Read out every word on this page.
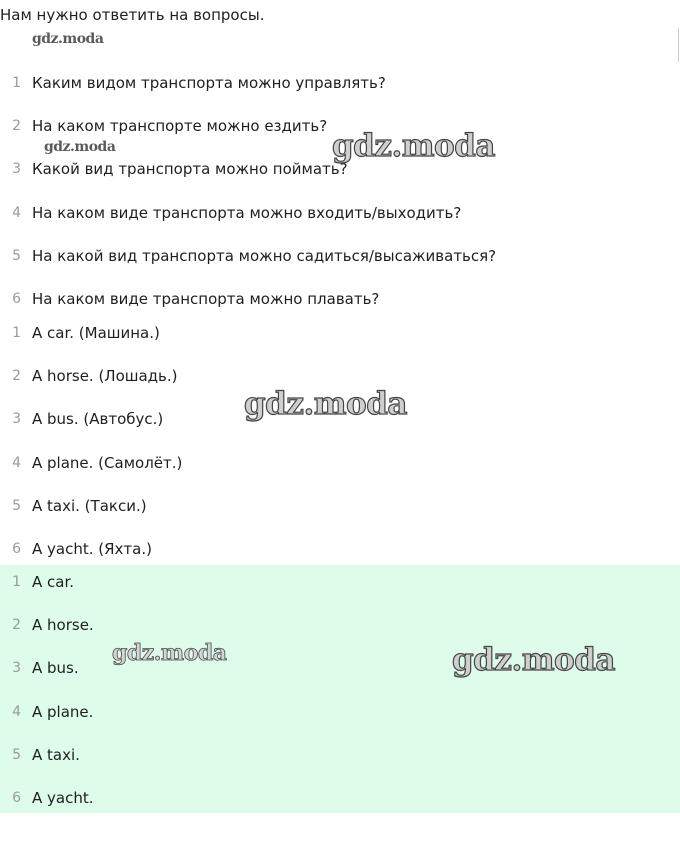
Нам нужно ответить на вопросы.
1 Каким видом транспорта можно управлять?
2 На каком транспорте можно ездить?
3 Какой вид транспорта можно поймать?
4 На каком виде транспорта можно входить/выходить?
5 На какой вид транспорта можно садиться/высаживаться?
6 На каком виде транспорта можно плавать?
1 A car. (Машина.)
2 A horse. (Лошадь.)
3 A bus. (Автобус.)
4 A plane. (Самолёт.)
5 A taxi. (Такси.)
6 A yacht. (Яхта.)
1 A car.
2 A horse.
3 A bus.
4 A plane.
5 A taxi.
6 A yacht.
gdz.moda
gdz.moda	gdz.moda
gdz.moda
gdz.moda	gdz.moda
